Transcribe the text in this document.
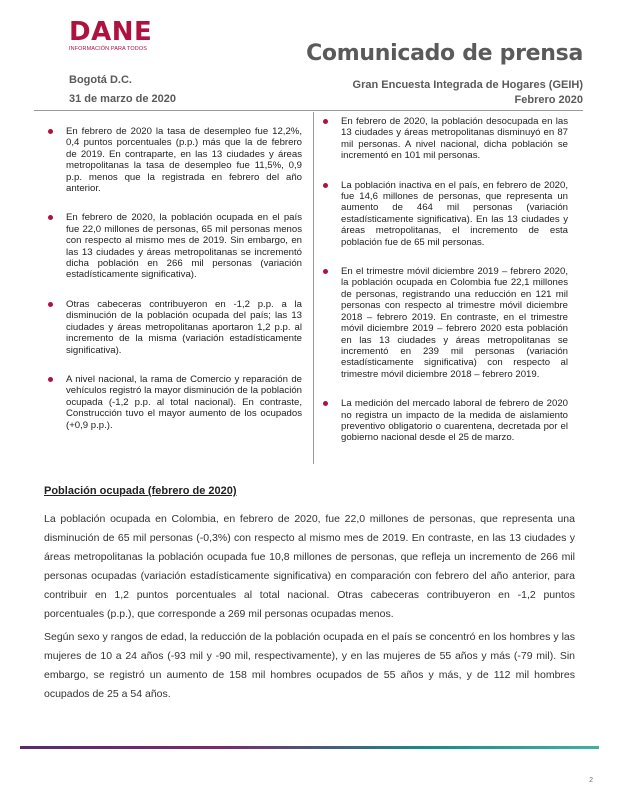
DANE
INFORMACIÓN PARA TODOS	Comunicado de prensa
Bogotá D.C.
31 de marzo de 2020
Gran Encuesta Integrada de Hogares (GEIH)
Febrero 2020
En febrero de 2020 la tasa de desempleo fue 12,2%, 0,4 puntos porcentuales (p.p.) más que la de febrero de 2019. En contraparte, en las 13 ciudades y áreas metropolitanas la tasa de desempleo fue 11,5%, 0,9 p.p. menos que la registrada en febrero del año anterior.
En febrero de 2020, la población ocupada en el país fue 22,0 millones de personas, 65 mil personas menos con respecto al mismo mes de 2019. Sin embargo, en las 13 ciudades y áreas metropolitanas se incrementó dicha población en 266 mil personas (variación estadísticamente significativa).
Otras cabeceras contribuyeron en -1,2 p.p. a la disminución de la población ocupada del país; las 13 ciudades y áreas metropolitanas aportaron 1,2 p.p. al incremento de la misma (variación estadísticamente significativa).
A nivel nacional, la rama de Comercio y reparación de vehículos registró la mayor disminución de la población ocupada (-1,2 p.p. al total nacional). En contraste, Construcción tuvo el mayor aumento de los ocupados (+0,9 p.p.).
En febrero de 2020, la población desocupada en las 13 ciudades y áreas metropolitanas disminuyó en 87 mil personas. A nivel nacional, dicha población se incrementó en 101 mil personas.
La población inactiva en el país, en febrero de 2020, fue 14,6 millones de personas, que representa un aumento de 464 mil personas (variación estadísticamente significativa). En las 13 ciudades y áreas metropolitanas, el incremento de esta población fue de 65 mil personas.
En el trimestre móvil diciembre 2019 – febrero 2020, la población ocupada en Colombia fue 22,1 millones de personas, registrando una reducción en 121 mil personas con respecto al trimestre móvil diciembre 2018 – febrero 2019. En contraste, en el trimestre móvil diciembre 2019 – febrero 2020 esta población en las 13 ciudades y áreas metropolitanas se incrementó en 239 mil personas (variación estadísticamente significativa) con respecto al trimestre móvil diciembre 2018 – febrero 2019.
La medición del mercado laboral de febrero de 2020 no registra un impacto de la medida de aislamiento preventivo obligatorio o cuarentena, decretada por el gobierno nacional desde el 25 de marzo.
Población ocupada (febrero de 2020)
La población ocupada en Colombia, en febrero de 2020, fue 22,0 millones de personas, que representa una disminución de 65 mil personas (-0,3%) con respecto al mismo mes de 2019. En contraste, en las 13 ciudades y áreas metropolitanas la población ocupada fue 10,8 millones de personas, que refleja un incremento de 266 mil personas ocupadas (variación estadísticamente significativa) en comparación con febrero del año anterior, para contribuir en 1,2 puntos porcentuales al total nacional. Otras cabeceras contribuyeron en -1,2 puntos porcentuales (p.p.), que corresponde a 269 mil personas ocupadas menos.
Según sexo y rangos de edad, la reducción de la población ocupada en el país se concentró en los hombres y las mujeres de 10 a 24 años (-93 mil y -90 mil, respectivamente), y en las mujeres de 55 años y más (-79 mil). Sin embargo, se registró un aumento de 158 mil hombres ocupados de 55 años y más, y de 112 mil hombres ocupados de 25 a 54 años.
2
